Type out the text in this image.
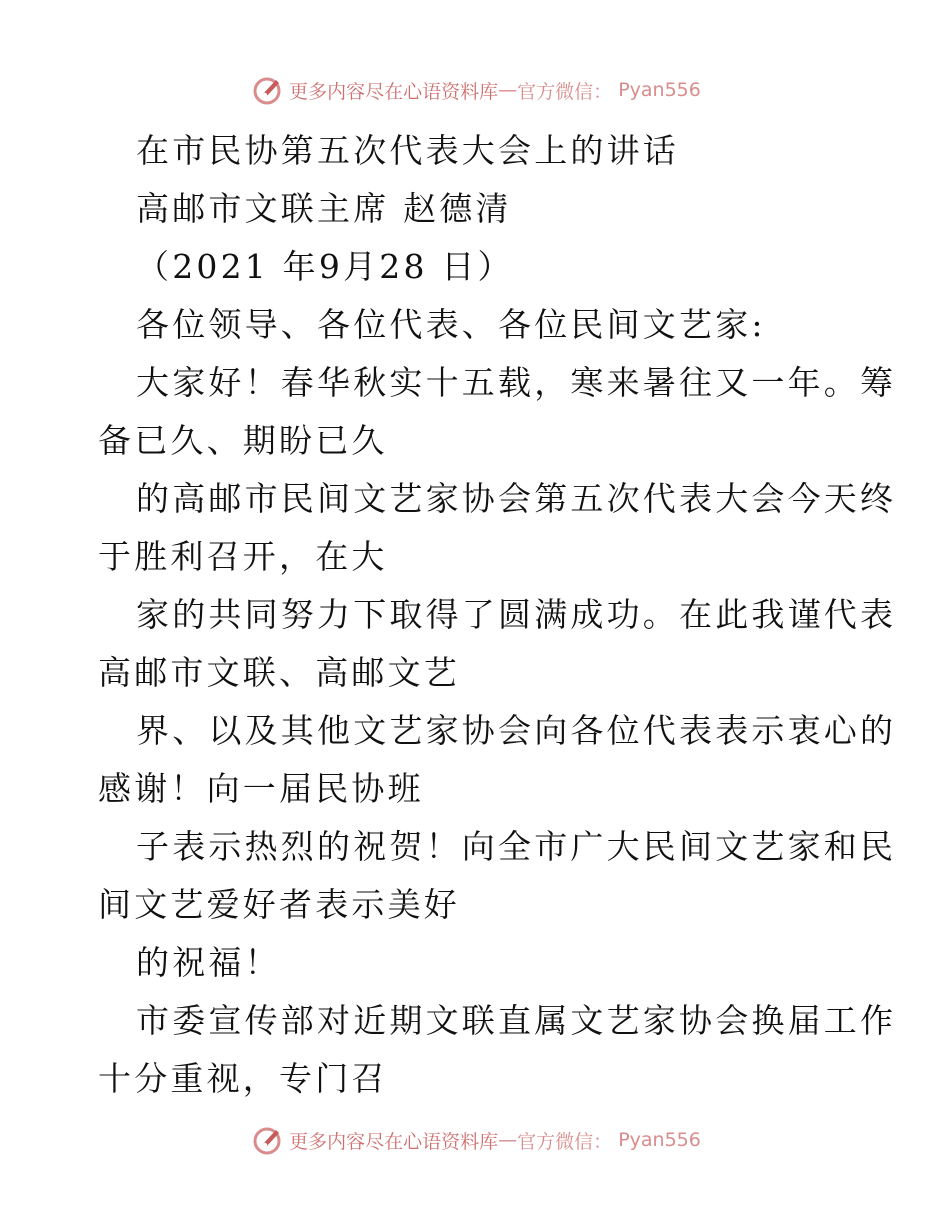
更多内容尽在心语资料库 — 官方微信： Pyan556

在市民协第五次代表大会上的讲话

高邮市文联主席 赵德清

（2021 年9月28 日）

各位领导、各位代表、各位民间文艺家:

大家好！春华秋实十五载，寒来暑往又一年。筹

备已久、期盼已久

的高邮市民间文艺家协会第五次代表大会今天终

于胜利召开，在大

家的共同努力下取得了圆满成功。在此我谨代表

高邮市文联、高邮文艺

界、以及其他文艺家协会向各位代表表示衷心的

感谢！向一届民协班

子表示热烈的祝贺！向全市广大民间文艺家和民

间文艺爱好者表示美好

的祝福！

市委宣传部对近期文联直属文艺家协会换届工作

十分重视，专门召

更多内容尽在心语资料库 — 官方微信： Pyan556
